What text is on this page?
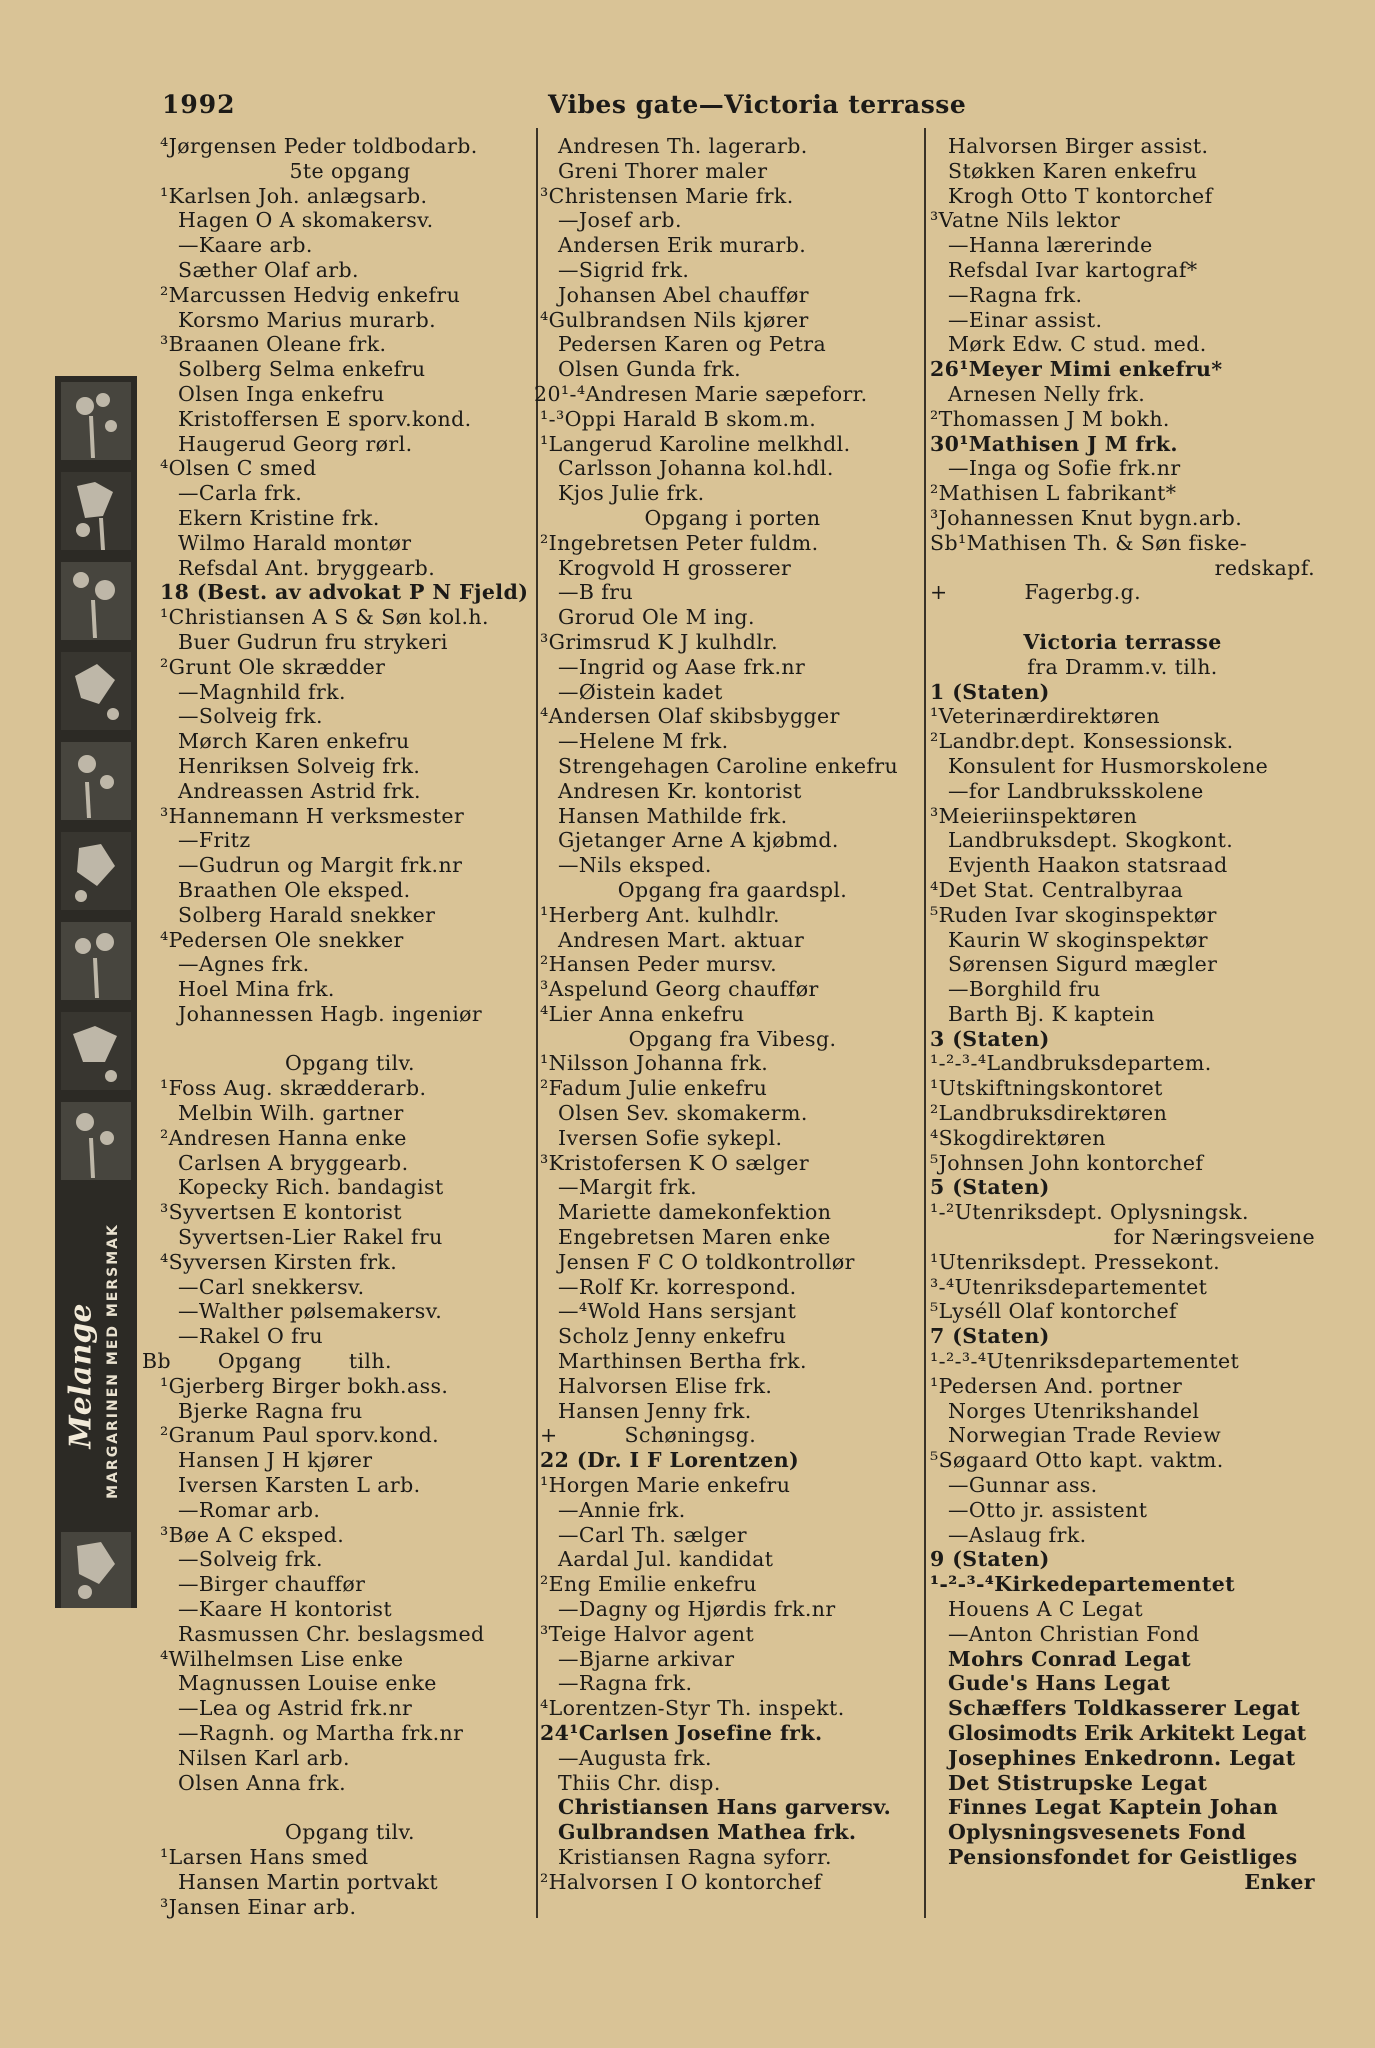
1992	Vibes gate—Victoria terrasse
Melange MARGARINEN MED MERSMAK
⁴Jørgensen Peder toldbodarb.
5te opgang
¹Karlsen Joh. anlægsarb.
Hagen O A skomakersv.
—Kaare arb.
Sæther Olaf arb.
²Marcussen Hedvig enkefru
Korsmo Marius murarb.
³Braanen Oleane frk.
Solberg Selma enkefru
Olsen Inga enkefru
Kristoffersen E sporv.kond.
Haugerud Georg rørl.
⁴Olsen C smed
—Carla frk.
Ekern Kristine frk.
Wilmo Harald montør
Refsdal Ant. bryggearb.
18 (Best. av advokat P N Fjeld)
¹Christiansen A S & Søn kol.h.
Buer Gudrun fru strykeri
²Grunt Ole skrædder
—Magnhild frk.
—Solveig frk.
Mørch Karen enkefru
Henriksen Solveig frk.
Andreassen Astrid frk.
³Hannemann H verksmester
—Fritz
—Gudrun og Margit frk.nr
Braathen Ole eksped.
Solberg Harald snekker
⁴Pedersen Ole snekker
—Agnes frk.
Hoel Mina frk.
Johannessen Hagb. ingeniør
Opgang tilv.
¹Foss Aug. skrædderarb.
Melbin Wilh. gartner
²Andresen Hanna enke
Carlsen A bryggearb.
Kopecky Rich. bandagist
³Syvertsen E kontorist
Syvertsen-Lier Rakel fru
⁴Syversen Kirsten frk.
—Carl snekkersv.
—Walther pølsemakersv.
—Rakel O fru
Bb Opgang tilh.
¹Gjerberg Birger bokh.ass.
Bjerke Ragna fru
²Granum Paul sporv.kond.
Hansen J H kjører
Iversen Karsten L arb.
—Romar arb.
³Bøe A C eksped.
—Solveig frk.
—Birger chauffør
—Kaare H kontorist
Rasmussen Chr. beslagsmed
⁴Wilhelmsen Lise enke
Magnussen Louise enke
—Lea og Astrid frk.nr
—Ragnh. og Martha frk.nr
Nilsen Karl arb.
Olsen Anna frk.
Opgang tilv.
¹Larsen Hans smed
Hansen Martin portvakt
³Jansen Einar arb.
Andresen Th. lagerarb.
Greni Thorer maler
³Christensen Marie frk.
—Josef arb.
Andersen Erik murarb.
—Sigrid frk.
Johansen Abel chauffør
⁴Gulbrandsen Nils kjører
Pedersen Karen og Petra
Olsen Gunda frk.
20¹-⁴Andresen Marie sæpeforr.
¹-³Oppi Harald B skom.m.
¹Langerud Karoline melkhdl.
Carlsson Johanna kol.hdl.
Kjos Julie frk.
Opgang i porten
²Ingebretsen Peter fuldm.
Krogvold H grosserer
—B fru
Grorud Ole M ing.
³Grimsrud K J kulhdlr.
—Ingrid og Aase frk.nr
—Øistein kadet
⁴Andersen Olaf skibsbygger
—Helene M frk.
Strengehagen Caroline enkefru
Andresen Kr. kontorist
Hansen Mathilde frk.
Gjetanger Arne A kjøbmd.
—Nils eksped.
Opgang fra gaardspl.
¹Herberg Ant. kulhdlr.
Andresen Mart. aktuar
²Hansen Peder mursv.
³Aspelund Georg chauffør
⁴Lier Anna enkefru
Opgang fra Vibesg.
¹Nilsson Johanna frk.
²Fadum Julie enkefru
Olsen Sev. skomakerm.
Iversen Sofie sykepl.
³Kristofersen K O sælger
—Margit frk.
Mariette damekonfektion
Engebretsen Maren enke
Jensen F C O toldkontrollør
—Rolf Kr. korrespond.
—⁴Wold Hans sersjant
Scholz Jenny enkefru
Marthinsen Bertha frk.
Halvorsen Elise frk.
Hansen Jenny frk.
+ Schøningsg.
22 (Dr. I F Lorentzen)
¹Horgen Marie enkefru
—Annie frk.
—Carl Th. sælger
Aardal Jul. kandidat
²Eng Emilie enkefru
—Dagny og Hjørdis frk.nr
³Teige Halvor agent
—Bjarne arkivar
—Ragna frk.
⁴Lorentzen-Styr Th. inspekt.
24¹Carlsen Josefine frk.
—Augusta frk.
Thiis Chr. disp.
Christiansen Hans garversv.
Gulbrandsen Mathea frk.
Kristiansen Ragna syforr.
²Halvorsen I O kontorchef
Halvorsen Birger assist.
Støkken Karen enkefru
Krogh Otto T kontorchef
³Vatne Nils lektor
—Hanna lærerinde
Refsdal Ivar kartograf*
—Ragna frk.
—Einar assist.
Mørk Edw. C stud. med.
26¹Meyer Mimi enkefru*
Arnesen Nelly frk.
²Thomassen J M bokh.
30¹Mathisen J M frk.
—Inga og Sofie frk.nr
²Mathisen L fabrikant*
³Johannessen Knut bygn.arb.
Sb¹Mathisen Th. & Søn fiske-
redskapf.
+ Fagerbg.g.
Victoria terrasse
fra Dramm.v. tilh.
1 (Staten)
¹Veterinærdirektøren
²Landbr.dept. Konsessionsk.
Konsulent for Husmorskolene
—for Landbruksskolene
³Meieriinspektøren
Landbruksdept. Skogkont.
Evjenth Haakon statsraad
⁴Det Stat. Centralbyraa
⁵Ruden Ivar skoginspektør
Kaurin W skoginspektør
Sørensen Sigurd mægler
—Borghild fru
Barth Bj. K kaptein
3 (Staten)
¹-²-³-⁴Landbruksdepartem.
¹Utskiftningskontoret
²Landbruksdirektøren
⁴Skogdirektøren
⁵Johnsen John kontorchef
5 (Staten)
¹-²Utenriksdept. Oplysningsk.
for Næringsveiene
¹Utenriksdept. Pressekont.
³-⁴Utenriksdepartementet
⁵Lyséll Olaf kontorchef
7 (Staten)
¹-²-³-⁴Utenriksdepartementet
¹Pedersen And. portner
Norges Utenrikshandel
Norwegian Trade Review
⁵Søgaard Otto kapt. vaktm.
—Gunnar ass.
—Otto jr. assistent
—Aslaug frk.
9 (Staten)
¹-²-³-⁴Kirkedepartementet
Houens A C Legat
—Anton Christian Fond
Mohrs Conrad Legat
Gude's Hans Legat
Schæffers Toldkasserer Legat
Glosimodts Erik Arkitekt Legat
Josephines Enkedronn. Legat
Det Stistrupske Legat
Finnes Legat Kaptein Johan
Oplysningsvesenets Fond
Pensionsfondet for Geistliges
Enker
